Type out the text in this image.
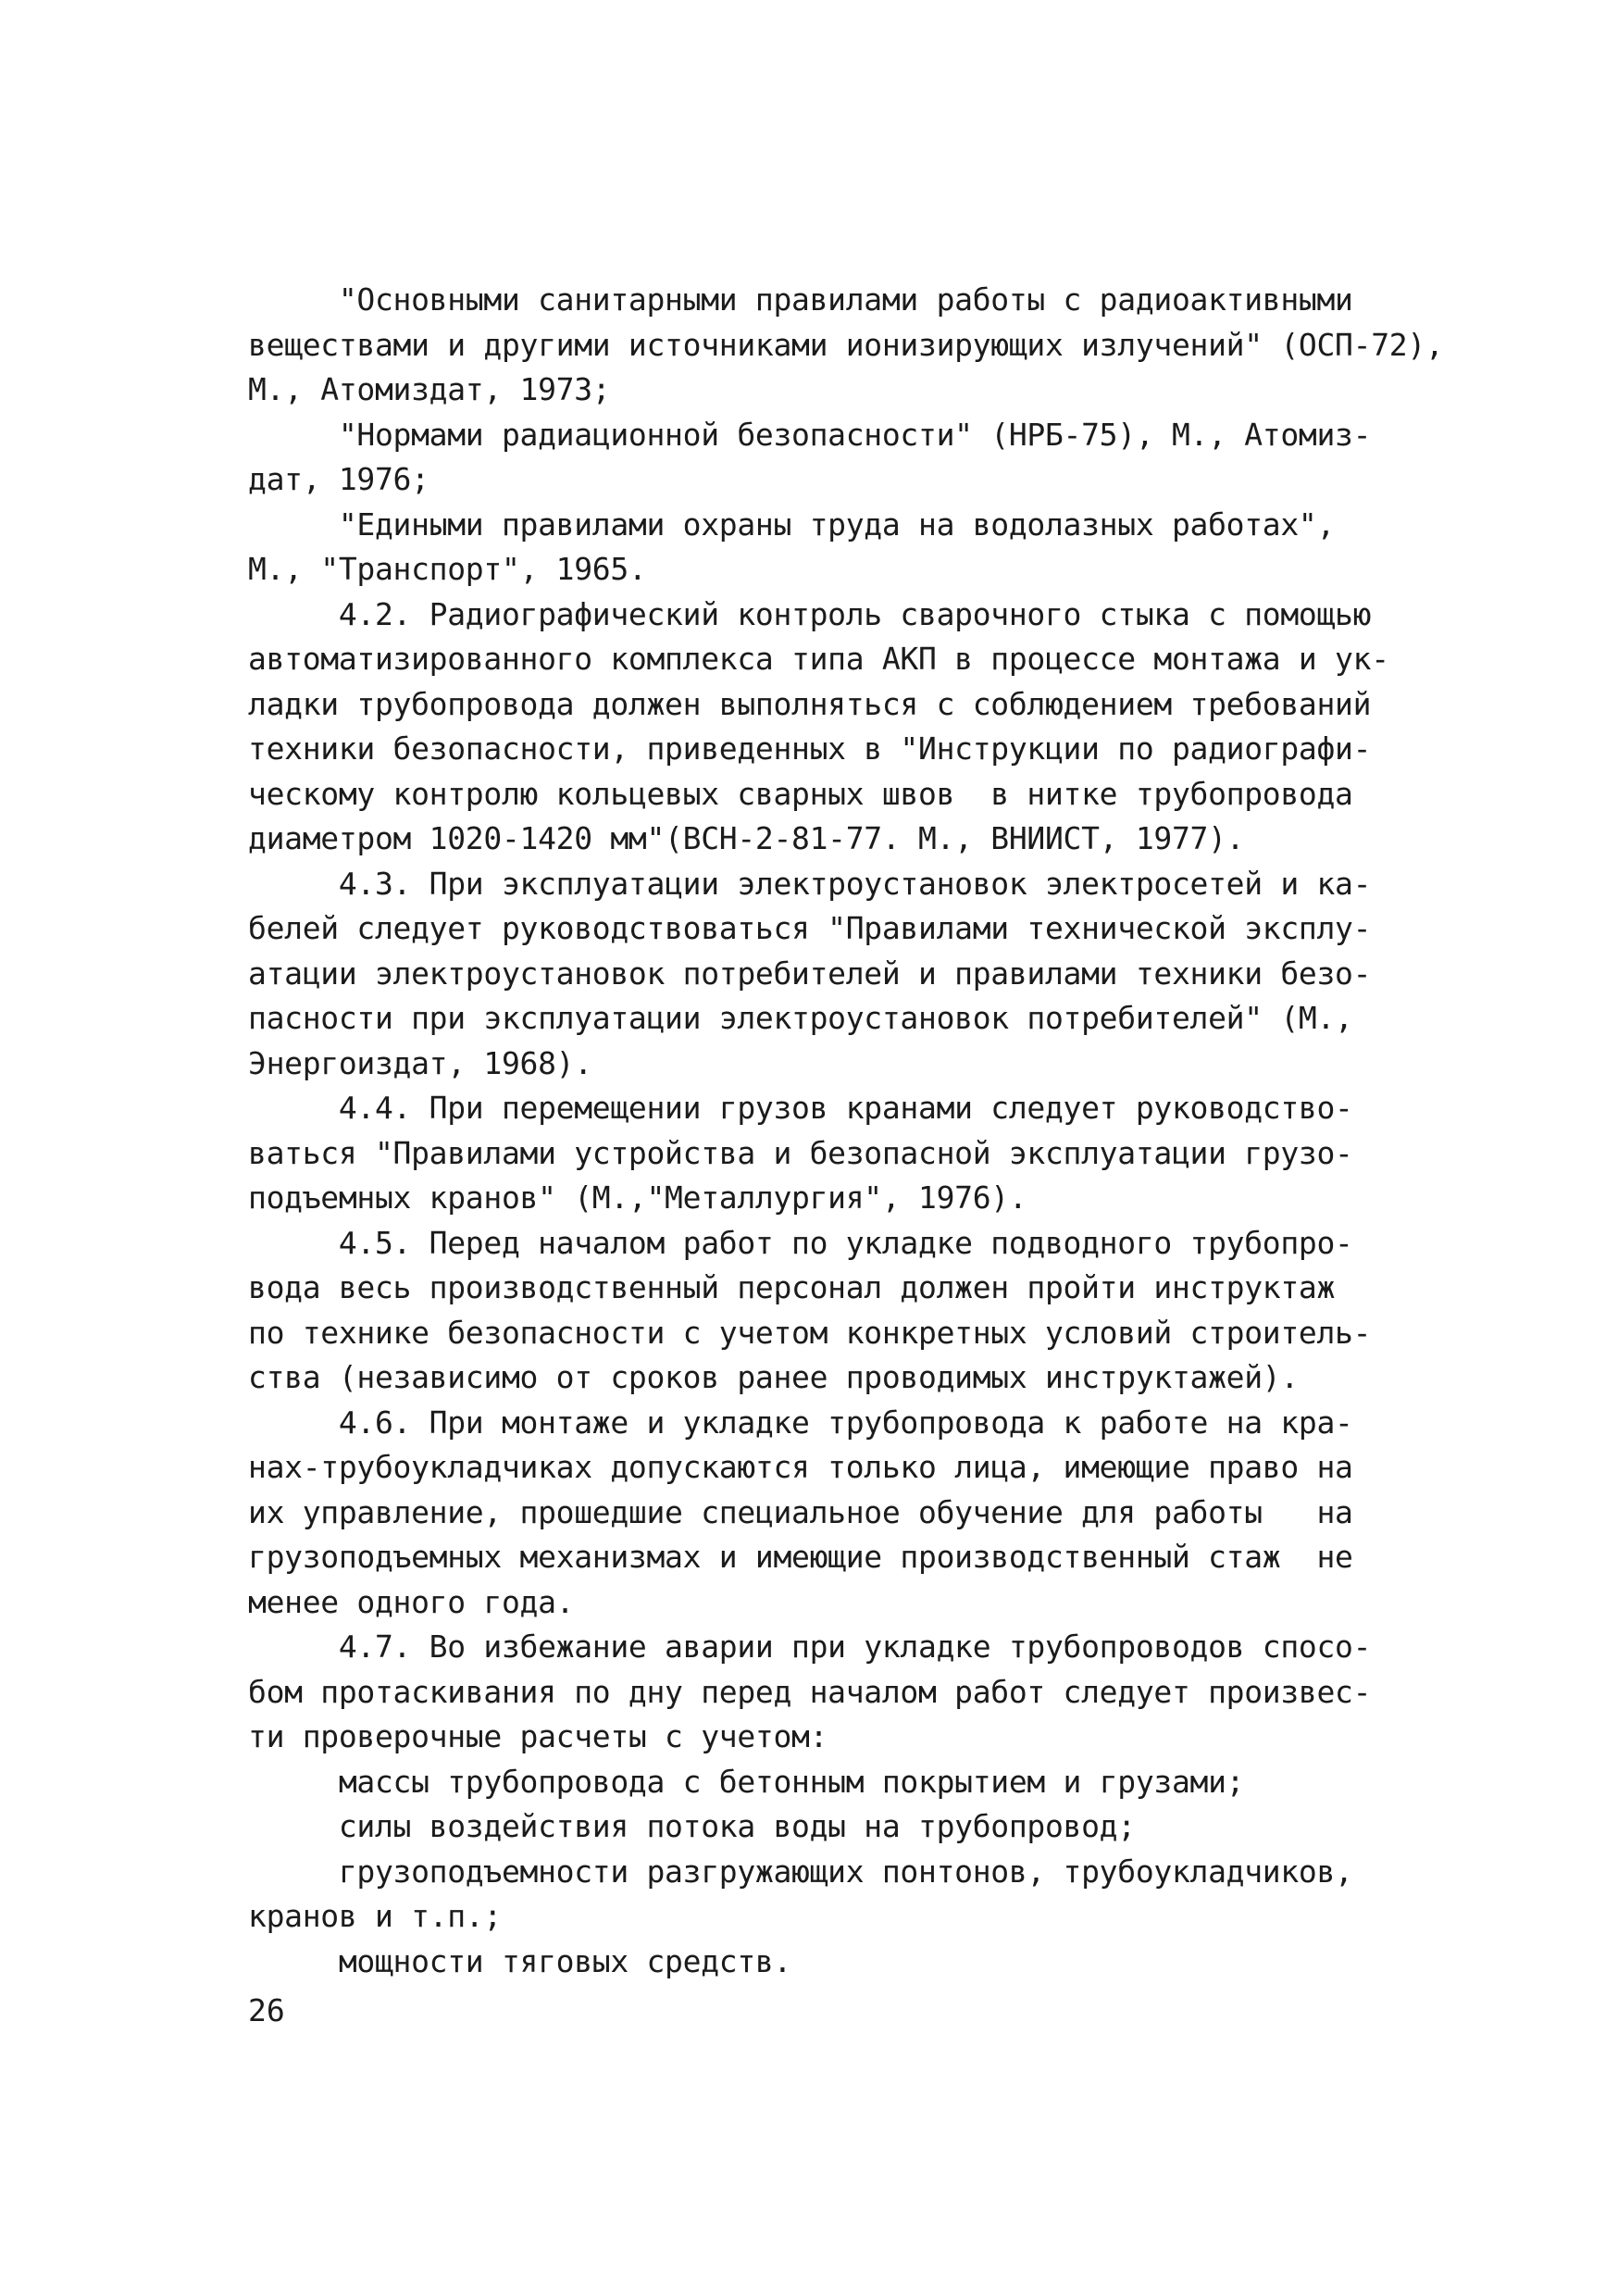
"Основными санитарными правилами работы с радиоактивными
веществами и другими источниками ионизирующих излучений" (ОСП-72),
М., Атомиздат, 1973;
"Нормами радиационной безопасности" (НРБ-75), М., Атомиз-
дат, 1976;
"Едиными правилами охраны труда на водолазных работах",
М., "Транспорт", 1965.
4.2. Радиографический контроль сварочного стыка с помощью
автоматизированного комплекса типа АКП в процессе монтажа и ук-
ладки трубопровода должен выполняться с соблюдением требований
техники безопасности, приведенных в "Инструкции по радиографи-
ческому контролю кольцевых сварных швов  в нитке трубопровода
диаметром 1020-1420 мм"(ВСН-2-81-77. М., ВНИИСТ, 1977).
4.3. При эксплуатации электроустановок электросетей и ка-
белей следует руководствоваться "Правилами технической эксплу-
атации электроустановок потребителей и правилами техники безо-
пасности при эксплуатации электроустановок потребителей" (М.,
Энергоиздат, 1968).
4.4. При перемещении грузов кранами следует руководство-
ваться "Правилами устройства и безопасной эксплуатации грузо-
подъемных кранов" (М.,"Металлургия", 1976).
4.5. Перед началом работ по укладке подводного трубопро-
вода весь производственный персонал должен пройти инструктаж
по технике безопасности с учетом конкретных условий строитель-
ства (независимо от сроков ранее проводимых инструктажей).
4.6. При монтаже и укладке трубопровода к работе на кра-
нах-трубоукладчиках допускаются только лица, имеющие право на
их управление, прошедшие специальное обучение для работы   на
грузоподъемных механизмах и имеющие производственный стаж  не
менее одного года.
4.7. Во избежание аварии при укладке трубопроводов спосо-
бом протаскивания по дну перед началом работ следует произвес-
ти проверочные расчеты с учетом:
массы трубопровода с бетонным покрытием и грузами;
силы воздействия потока воды на трубопровод;
грузоподъемности разгружающих понтонов, трубоукладчиков,
кранов и т.п.;
мощности тяговых средств.
26
